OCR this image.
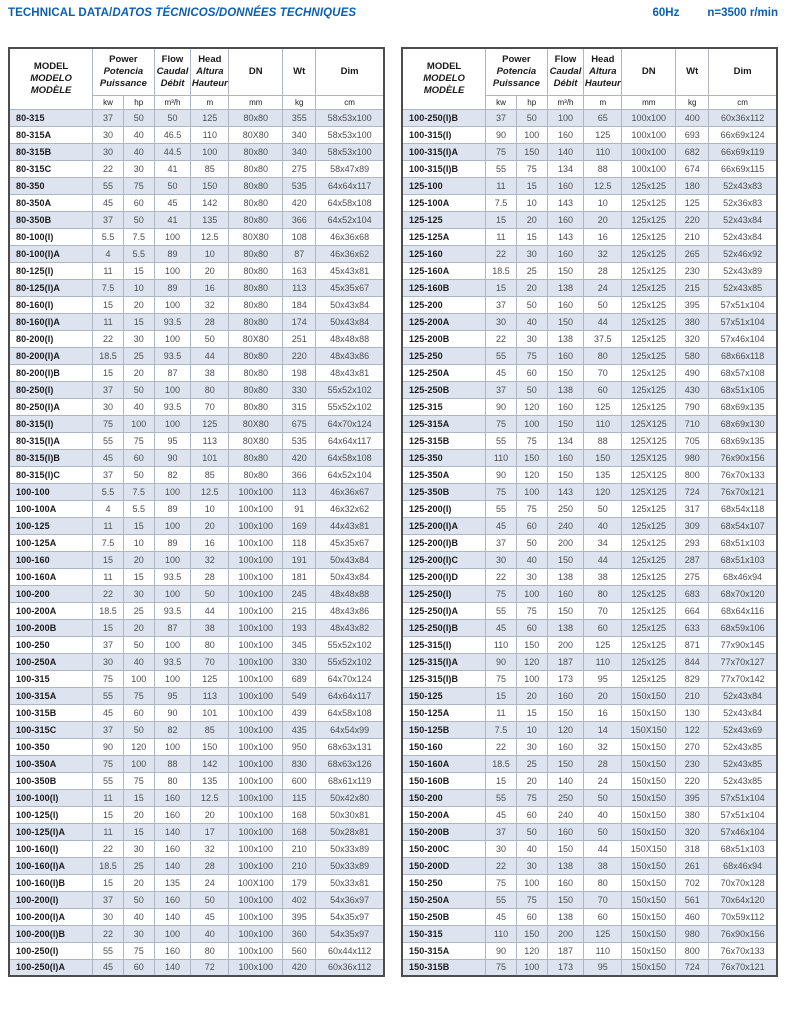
TECHNICAL DATA/DATOS TÉCNICOS/DONNÉES TECHNIQUES	60Hz n=3500 r/min
MODEL
MODELO
MODÈLE

Power
Potencia
Puissance

Flow
Caudal
Débit

Head
Altura
Hauteur
	DN	Wt	Dim
	kw	hp	m³/h	m	mm	kg	cm
80-315	37	50	50	125	80x80	355	58x53x100
80-315A	30	40	46.5	110	80X80	340	58x53x100
80-315B	30	40	44.5	100	80x80	340	58x53x100
80-315C	22	30	41	85	80x80	275	58x47x89
80-350	55	75	50	150	80x80	535	64x64x117
80-350A	45	60	45	142	80x80	420	64x58x108
80-350B	37	50	41	135	80x80	366	64x52x104
80-100(I)	5.5	7.5	100	12.5	80X80	108	46x36x68
80-100(I)A	4	5.5	89	10	80x80	87	46x36x62
80-125(I)	11	15	100	20	80x80	163	45x43x81
80-125(I)A	7.5	10	89	16	80x80	113	45x35x67
80-160(I)	15	20	100	32	80x80	184	50x43x84
80-160(I)A	11	15	93.5	28	80x80	174	50x43x84
80-200(I)	22	30	100	50	80X80	251	48x48x88
80-200(I)A	18.5	25	93.5	44	80x80	220	48x43x86
80-200(I)B	15	20	87	38	80x80	198	48x43x81
80-250(I)	37	50	100	80	80x80	330	55x52x102
80-250(I)A	30	40	93.5	70	80x80	315	55x52x102
80-315(I)	75	100	100	125	80X80	675	64x70x124
80-315(I)A	55	75	95	113	80X80	535	64x64x117
80-315(I)B	45	60	90	101	80x80	420	64x58x108
80-315(I)C	37	50	82	85	80x80	366	64x52x104
100-100	5.5	7.5	100	12.5	100x100	113	46x36x67
100-100A	4	5.5	89	10	100x100	91	46x32x62
100-125	11	15	100	20	100x100	169	44x43x81
100-125A	7.5	10	89	16	100x100	118	45x35x67
100-160	15	20	100	32	100x100	191	50x43x84
100-160A	11	15	93.5	28	100x100	181	50x43x84
100-200	22	30	100	50	100x100	245	48x48x88
100-200A	18.5	25	93.5	44	100x100	215	48x43x86
100-200B	15	20	87	38	100x100	193	48x43x82
100-250	37	50	100	80	100x100	345	55x52x102
100-250A	30	40	93.5	70	100x100	330	55x52x102
100-315	75	100	100	125	100x100	689	64x70x124
100-315A	55	75	95	113	100x100	549	64x64x117
100-315B	45	60	90	101	100x100	439	64x58x108
100-315C	37	50	82	85	100x100	435	64x54x99
100-350	90	120	100	150	100x100	950	68x63x131
100-350A	75	100	88	142	100x100	830	68x63x126
100-350B	55	75	80	135	100x100	600	68x61x119
100-100(I)	11	15	160	12.5	100x100	115	50x42x80
100-125(I)	15	20	160	20	100x100	168	50x30x81
100-125(I)A	11	15	140	17	100x100	168	50x28x81
100-160(I)	22	30	160	32	100x100	210	50x33x89
100-160(I)A	18.5	25	140	28	100x100	210	50x33x89
100-160(I)B	15	20	135	24	100X100	179	50x33x81
100-200(I)	37	50	160	50	100x100	402	54x36x97
100-200(I)A	30	40	140	45	100x100	395	54x35x97
100-200(I)B	22	30	100	40	100x100	360	54x35x97
100-250(I)	55	75	160	80	100x100	560	60x44x112
100-250(I)A	45	60	140	72	100x100	420	60x36x112
MODEL
MODELO
MODÈLE

Power
Potencia
Puissance

Flow
Caudal
Débit

Head
Altura
Hauteur
	DN	Wt	Dim
	kw	hp	m³/h	m	mm	kg	cm
100-250(I)B	37	50	100	65	100x100	400	60x36x112
100-315(I)	90	100	160	125	100x100	693	66x69x124
100-315(I)A	75	150	140	110	100x100	682	66x69x119
100-315(I)B	55	75	134	88	100x100	674	66x69x115
125-100	11	15	160	12.5	125x125	180	52x43x83
125-100A	7.5	10	143	10	125x125	125	52x36x83
125-125	15	20	160	20	125x125	220	52x43x84
125-125A	11	15	143	16	125x125	210	52x43x84
125-160	22	30	160	32	125x125	265	52x46x92
125-160A	18.5	25	150	28	125x125	230	52x43x89
125-160B	15	20	138	24	125x125	215	52x43x85
125-200	37	50	160	50	125x125	395	57x51x104
125-200A	30	40	150	44	125x125	380	57x51x104
125-200B	22	30	138	37.5	125x125	320	57x46x104
125-250	55	75	160	80	125x125	580	68x66x118
125-250A	45	60	150	70	125x125	490	68x57x108
125-250B	37	50	138	60	125x125	430	68x51x105
125-315	90	120	160	125	125x125	790	68x69x135
125-315A	75	100	150	110	125X125	710	68x69x130
125-315B	55	75	134	88	125X125	705	68x69x135
125-350	110	150	160	150	125X125	980	76x90x156
125-350A	90	120	150	135	125X125	800	76x70x133
125-350B	75	100	143	120	125X125	724	76x70x121
125-200(I)	55	75	250	50	125x125	317	68x54x118
125-200(I)A	45	60	240	40	125x125	309	68x54x107
125-200(I)B	37	50	200	34	125x125	293	68x51x103
125-200(I)C	30	40	150	44	125x125	287	68x51x103
125-200(I)D	22	30	138	38	125x125	275	68x46x94
125-250(I)	75	100	160	80	125x125	683	68x70x120
125-250(I)A	55	75	150	70	125x125	664	68x64x116
125-250(I)B	45	60	138	60	125x125	633	68x59x106
125-315(I)	110	150	200	125	125x125	871	77x90x145
125-315(I)A	90	120	187	110	125x125	844	77x70x127
125-315(I)B	75	100	173	95	125x125	829	77x70x142
150-125	15	20	160	20	150x150	210	52x43x84
150-125A	11	15	150	16	150x150	130	52x43x84
150-125B	7.5	10	120	14	150X150	122	52x43x69
150-160	22	30	160	32	150x150	270	52x43x85
150-160A	18.5	25	150	28	150x150	230	52x43x85
150-160B	15	20	140	24	150x150	220	52x43x85
150-200	55	75	250	50	150x150	395	57x51x104
150-200A	45	60	240	40	150x150	380	57x51x104
150-200B	37	50	160	50	150x150	320	57x46x104
150-200C	30	40	150	44	150X150	318	68x51x103
150-200D	22	30	138	38	150x150	261	68x46x94
150-250	75	100	160	80	150x150	702	70x70x128
150-250A	55	75	150	70	150x150	561	70x64x120
150-250B	45	60	138	60	150x150	460	70x59x112
150-315	110	150	200	125	150x150	980	76x90x156
150-315A	90	120	187	110	150x150	800	76x70x133
150-315B	75	100	173	95	150x150	724	76x70x121
